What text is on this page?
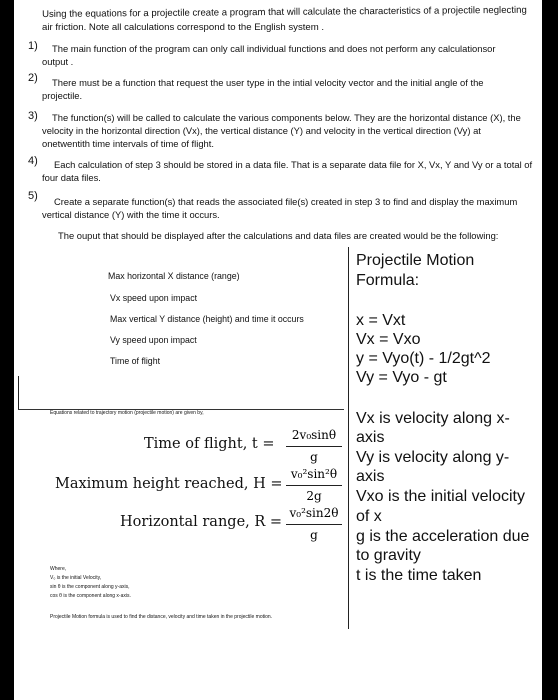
Using the equations for a projectile create a program that will calculate the characteristics of a projectile neglecting
air friction. Note all calculations correspond to the English system .
1) The main function of the program can only call individual functions and does not perform any calculationsor
output .
2) There must be a function that request the user type in the intial velocity vector and the initial angle of the
projectile.
3) The function(s) will be called to calculate the various components below. They are the horizontal distance (X), the
velocity in the horizontal direction (Vx), the vertical distance (Y) and velocity in the vertical direction (Vy) at
onetwentith time intervals of time of flight.
4) Each calculation of step 3 should be stored in a data file. That is a separate data file for X, Vx, Y and Vy or a total of
four data files.
5) Create a separate function(s) that reads the associated file(s) created in step 3 to find and display the maximum
vertical distance (Y) with the time it occurs.
The ouput that should be displayed after the calculations and data files are created would be the following:
Max horizontal X distance (range)
Vx speed upon impact
Max vertical Y distance (height) and time it occurs
Vy speed upon impact
Time of flight
Projectile Motion
Formula:
x = Vxt
Vx = Vxo
y = Vyo(t) - 1/2gt^2
Vy = Vyo - gt
Vx is velocity along x-
axis
Vy is velocity along y-
axis
Vxo is the initial velocity
of x
g is the acceleration due
to gravity
t is the time taken
Equations related to trajectory motion (projectile motion) are given by,
Time of flight, t =
2v₀sinθ
g
Maximum height reached, H =
v₀²sin²θ
2g
Horizontal range, R =
v₀²sin2θ
g
Where,
V₀ is the initial Velocity,
sin θ is the component along y-axis,
cos θ is the component along x-axis.
Projectile Motion formula is used to find the distance, velocity and time taken in the projectile motion.
